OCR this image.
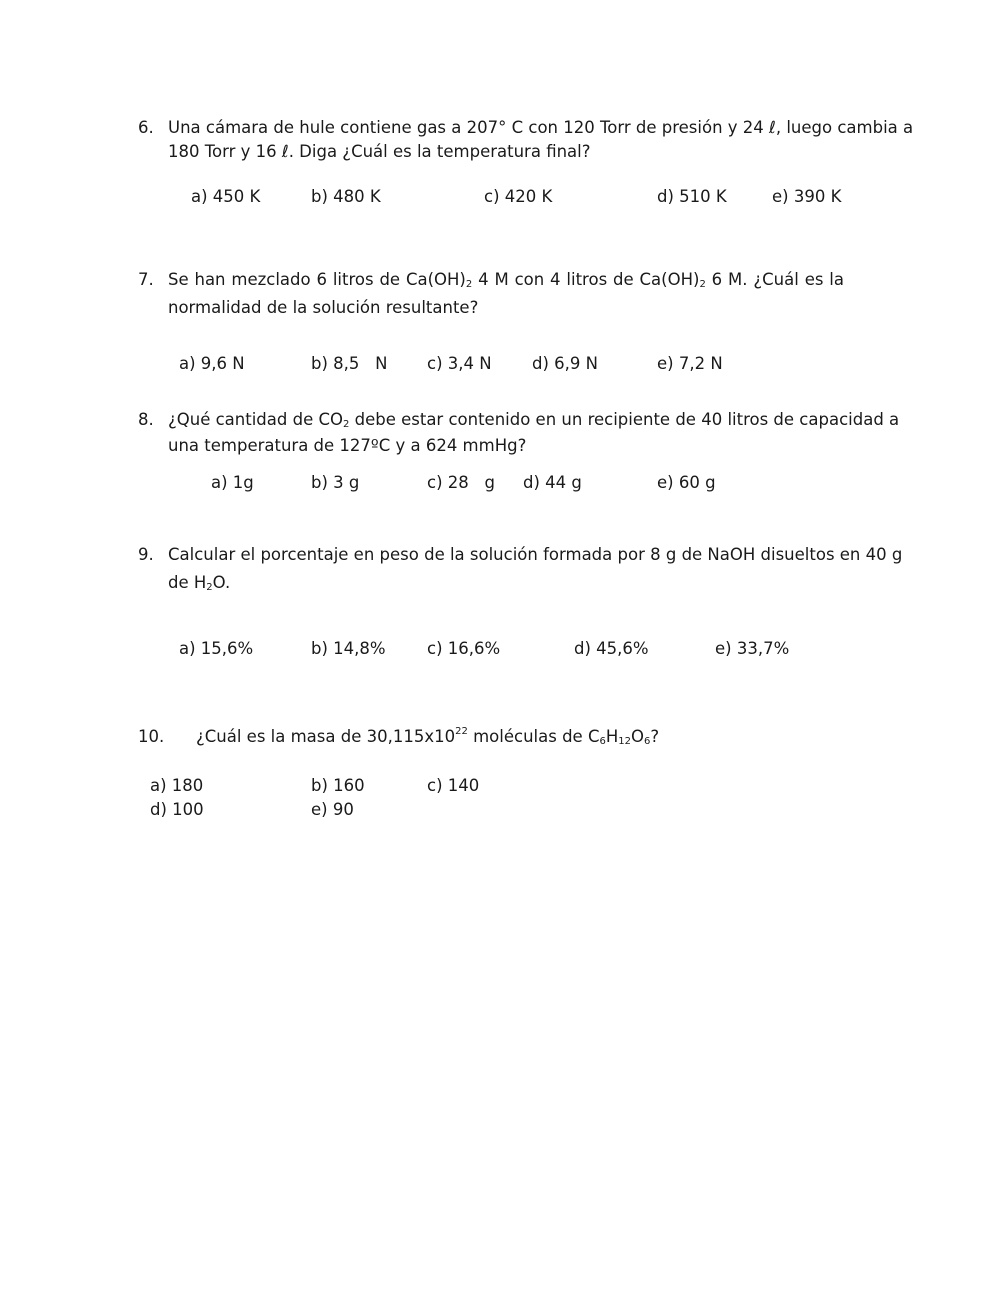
6. Una cámara de hule contiene gas a 207° C con 120 Torr de presión y 24 ℓ, luego cambia a
180 Torr y 16 ℓ. Diga ¿Cuál es la temperatura final?
a) 450 K	b) 480 K	c) 420 K	d) 510 K	e) 390 K
7. Se han mezclado 6 litros de $Ca(OH)_2$ 4 M con 4 litros de $Ca(OH)_2$ 6 M. ¿Cuál es la
normalidad de la solución resultante?
a) 9,6 N	b) 8,5   N c) 3,4 N d) 6,9 N	e) 7,2 N
8. ¿Qué cantidad de $CO_2$ debe estar contenido en un recipiente de 40 litros de capacidad a
una temperatura de 127ºC y a 624 mmHg?
a) 1g	b) 3 g	c) 28   g d) 44 g	e) 60 g
9. Calcular el porcentaje en peso de la solución formada por 8 g de NaOH disueltos en 40 g
de $H_2O$.
a) 15,6%	b) 14,8%	c) 16,6%	d) 45,6%	e) 33,7%
10. ¿Cuál es la masa de $30,115x10^{22}$ moléculas de $C_6H_{12}O_6$?
a) 180	b) 160	c) 140
d) 100	e) 90
